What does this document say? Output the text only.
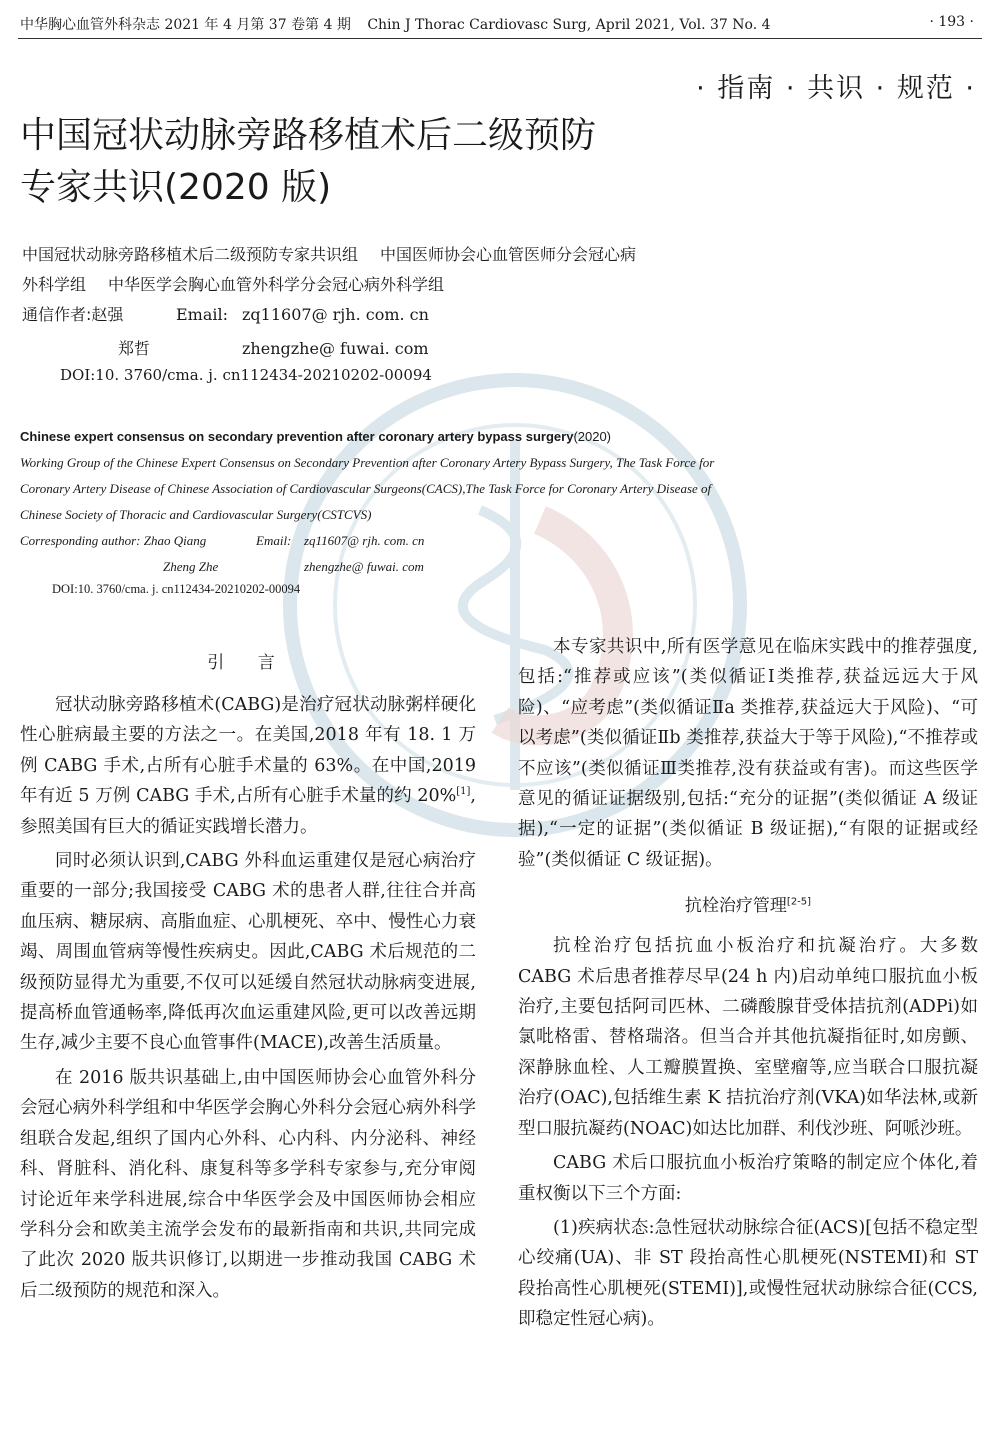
中华胸心血管外科杂志 2021 年 4 月第 37 卷第 4 期 Chin J Thorac Cardiovasc Surg, April 2021, Vol. 37 No. 4	· 193 ·
· 指南 · 共识 · 规范 ·
中国冠状动脉旁路移植术后二级预防
专家共识(2020 版)
中国冠状动脉旁路移植术后二级预防专家共识组 中国医师协会心血管医师分会冠心病
外科学组 中华医学会胸心血管外科学分会冠心病外科学组
通信作者:赵强	Email: zq11607@ rjh. com. cn
郑哲	zhengzhe@ fuwai. com
DOI:10. 3760/cma. j. cn112434-20210202-00094
Chinese expert consensus on secondary prevention after coronary artery bypass surgery(2020)
Working Group of the Chinese Expert Consensus on Secondary Prevention after Coronary Artery Bypass Surgery, The Task Force for
Coronary Artery Disease of Chinese Association of Cardiovascular Surgeons(CACS),The Task Force for Coronary Artery Disease of
Chinese Society of Thoracic and Cardiovascular Surgery(CSTCVS)
Corresponding author: Zhao Qiang	Email: zq11607@ rjh. com. cn
Zheng Zhe	zhengzhe@ fuwai. com
DOI:10. 3760/cma. j. cn112434-20210202-00094
引 言

冠状动脉旁路移植术(CABG)是治疗冠状动脉粥样硬化性心脏病最主要的方法之一。在美国,2018 年有 18. 1 万例 CABG 手术,占所有心脏手术量的 63%。在中国,2019 年有近 5 万例 CABG 手术,占所有心脏手术量的约 20%[1],参照美国有巨大的循证实践增长潜力。

同时必须认识到,CABG 外科血运重建仅是冠心病治疗重要的一部分;我国接受 CABG 术的患者人群,往往合并高血压病、糖尿病、高脂血症、心肌梗死、卒中、慢性心力衰竭、周围血管病等慢性疾病史。因此,CABG 术后规范的二级预防显得尤为重要,不仅可以延缓自然冠状动脉病变进展,提高桥血管通畅率,降低再次血运重建风险,更可以改善远期生存,减少主要不良心血管事件(MACE),改善生活质量。

在 2016 版共识基础上,由中国医师协会心血管外科分会冠心病外科学组和中华医学会胸心外科分会冠心病外科学组联合发起,组织了国内心外科、心内科、内分泌科、神经科、肾脏科、消化科、康复科等多学科专家参与,充分审阅讨论近年来学科进展,综合中华医学会及中国医师协会相应学科分会和欧美主流学会发布的最新指南和共识,共同完成了此次 2020 版共识修订,以期进一步推动我国 CABG 术后二级预防的规范和深入。

本专家共识中,所有医学意见在临床实践中的推荐强度,包括:“推荐或应该”(类似循证Ⅰ类推荐,获益远远大于风险)、“应考虑”(类似循证Ⅱa 类推荐,获益远大于风险)、“可以考虑”(类似循证Ⅱb 类推荐,获益大于等于风险),“不推荐或不应该”(类似循证Ⅲ类推荐,没有获益或有害)。而这些医学意见的循证证据级别,包括:“充分的证据”(类似循证 A 级证据),“一定的证据”(类似循证 B 级证据),“有限的证据或经验”(类似循证 C 级证据)。

抗栓治疗管理[2-5]

抗栓治疗包括抗血小板治疗和抗凝治疗。大多数 CABG 术后患者推荐尽早(24 h 内)启动单纯口服抗血小板治疗,主要包括阿司匹林、二磷酸腺苷受体拮抗剂(ADPi)如氯吡格雷、替格瑞洛。但当合并其他抗凝指征时,如房颤、深静脉血栓、人工瓣膜置换、室壁瘤等,应当联合口服抗凝治疗(OAC),包括维生素 K 拮抗治疗剂(VKA)如华法林,或新型口服抗凝药(NOAC)如达比加群、利伐沙班、阿哌沙班。

CABG 术后口服抗血小板治疗策略的制定应个体化,着重权衡以下三个方面:

(1)疾病状态:急性冠状动脉综合征(ACS)[包括不稳定型心绞痛(UA)、非 ST 段抬高性心肌梗死(NSTEMI)和 ST 段抬高性心肌梗死(STEMI)],或慢性冠状动脉综合征(CCS,即稳定性冠心病)。
